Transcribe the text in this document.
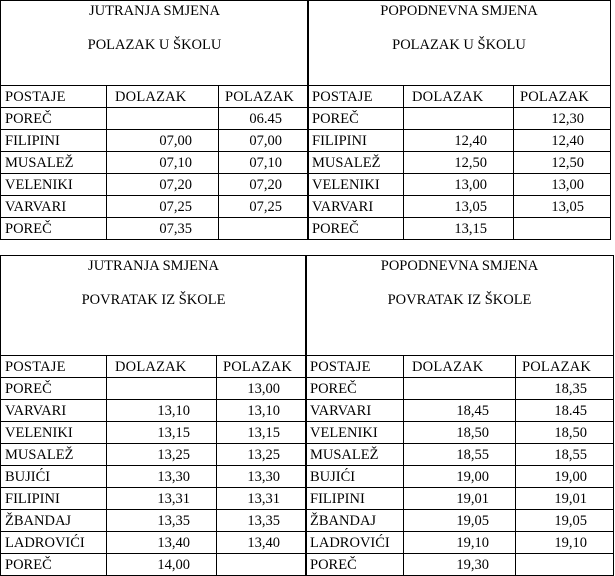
JUTRANJA SMJENA
POLAZAK U ŠKOLU		

POSTAJE	DOLAZAK	POLAZAK
POREČ		06.45
FILIPINI	07,00	07,00
MUSALEŽ	07,10	07,10
VELENIKI	07,20	07,20
VARVARI	07,25	07,25
POREČ	07,35	
POPODNEVNA SMJENA
POLAZAK U ŠKOLU		

POSTAJE	DOLAZAK	POLAZAK
POREČ		12,30
FILIPINI	12,40	12,40
MUSALEŽ	12,50	12,50
VELENIKI	13,00	13,00
VARVARI	13,05	13,05
POREČ	13,15	
JUTRANJA SMJENA
POVRATAK IZ ŠKOLE		

POSTAJE	DOLAZAK	POLAZAK
POREČ		13,00
VARVARI	13,10	13,10
VELENIKI	13,15	13,15
MUSALEŽ	13,25	13,25
BUJIĆI	13,30	13,30
FILIPINI	13,31	13,31
ŽBANDAJ	13,35	13,35
LADROVIĆI	13,40	13,40
POREČ	14,00	
POPODNEVNA SMJENA
POVRATAK IZ ŠKOLE		

POSTAJE	DOLAZAK	POLAZAK
POREČ		18,35
VARVARI	18,45	18.45
VELENIKI	18,50	18,50
MUSALEŽ	18,55	18,55
BUJIĆI	19,00	19,00
FILIPINI	19,01	19,01
ŽBANDAJ	19,05	19,05
LADROVIĆI	19,10	19,10
POREČ	19,30	
